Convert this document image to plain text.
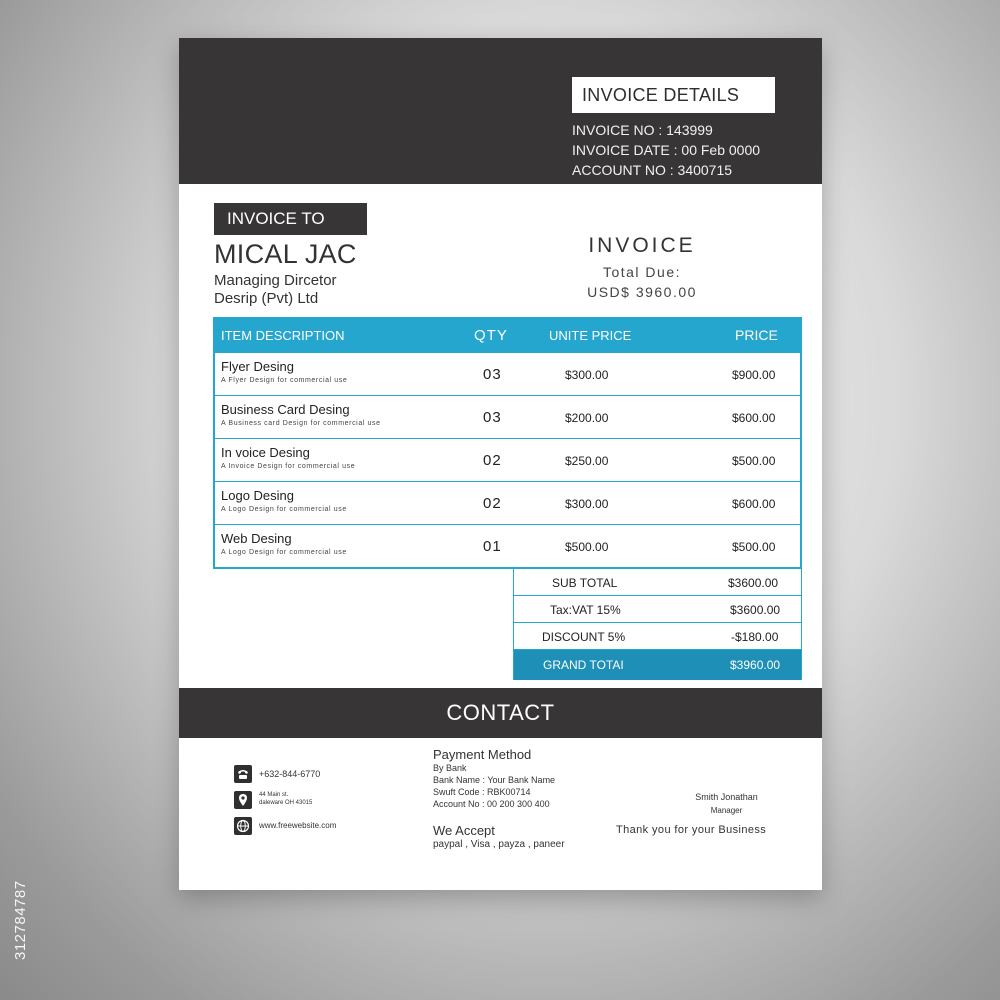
312784787
INVOICE DETAILS
INVOICE NO : 143999
INVOICE DATE : 00 Feb 0000
ACCOUNT NO : 3400715
INVOICE TO
MICAL JAC
Managing Dircetor
Desrip (Pvt) Ltd
INVOICE
Total Due:
USD$ 3960.00
ITEM DESCRIPTION	QTY	UNITE PRICE	PRICE
Flyer Desing
A Flyer Design for commercial use	03	$300.00	$900.00
Business Card Desing
A Business card Design for commercial use	03	$200.00	$600.00
In voice Desing
A Invoice Design for commercial use	02	$250.00	$500.00
Logo Desing
A Logo Design for commercial use	02	$300.00	$600.00
Web Desing
A Logo Design for commercial use	01	$500.00	$500.00
SUB TOTAL	$3600.00
Tax:VAT 15%	$3600.00
DISCOUNT 5%	-$180.00
GRAND TOTAI	$3960.00
CONTACT
+632-844-6770
44 Main st.
daleware OH 43015
www.freewebsite.com
Payment Method
By Bank
Bank Name : Your Bank Name
Swuft Code : RBK00714
Account No : 00 200 300 400
We Accept
paypal , Visa , payza , paneer
Smith Jonathan
Manager
Thank you for your Business
